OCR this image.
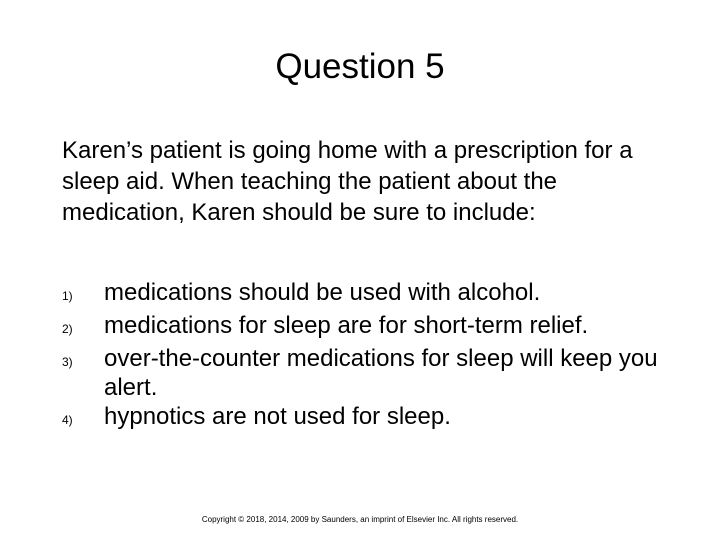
Question 5

Karen’s patient is going home with a prescription for a sleep aid. When teaching the patient about the medication, Karen should be sure to include:

1)	medications should be used with alcohol.
2)	medications for sleep are for short-term relief.
3)	over-the-counter medications for sleep will keep you alert.
4)	hypnotics are not used for sleep.

Copyright © 2018, 2014, 2009 by Saunders, an imprint of Elsevier Inc. All rights reserved.
